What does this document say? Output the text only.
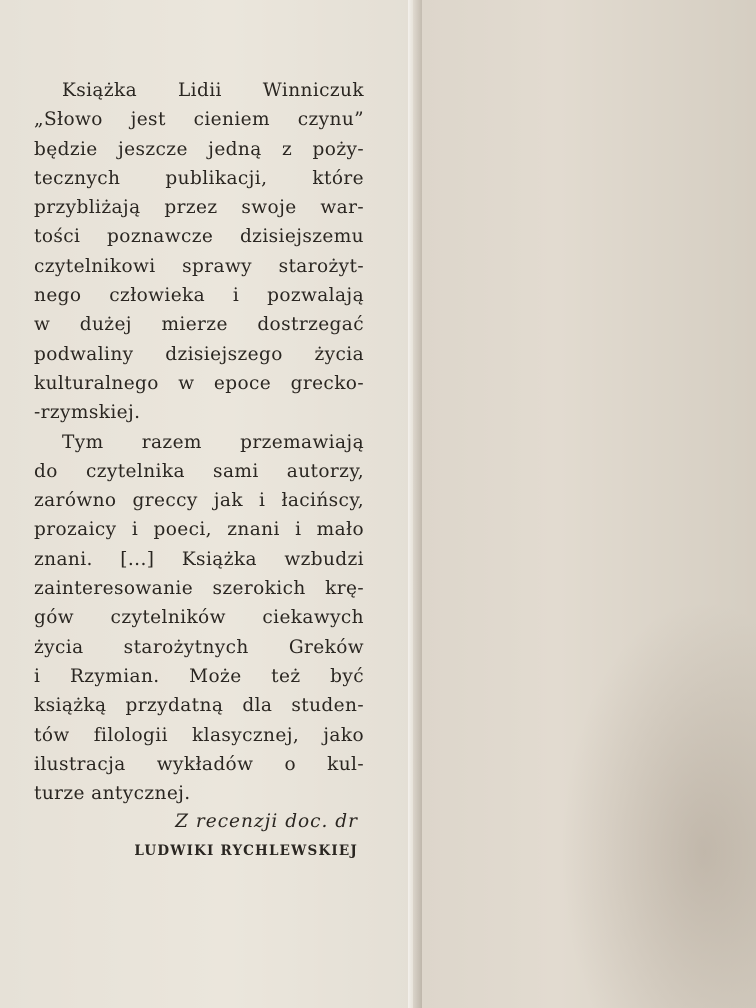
Książka Lidii Winniczuk
„Słowo jest cieniem czynu”
będzie jeszcze jedną z poży-
tecznych publikacji, które
przybliżają przez swoje war-
tości poznawcze dzisiejszemu
czytelnikowi sprawy starożyt-
nego człowieka i pozwalają
w dużej mierze dostrzegać
podwaliny dzisiejszego życia
kulturalnego w epoce grecko-
-rzymskiej.
Tym razem przemawiają
do czytelnika sami autorzy,
zarówno greccy jak i łacińscy,
prozaicy i poeci, znani i mało
znani. [...] Książka wzbudzi
zainteresowanie szerokich krę-
gów czytelników ciekawych
życia starożytnych Greków
i Rzymian. Może też być
książką przydatną dla studen-
tów filologii klasycznej, jako
ilustracja wykładów o kul-
turze antycznej.
Z recenzji doc. dr
LUDWIKI RYCHLEWSKIEJ
